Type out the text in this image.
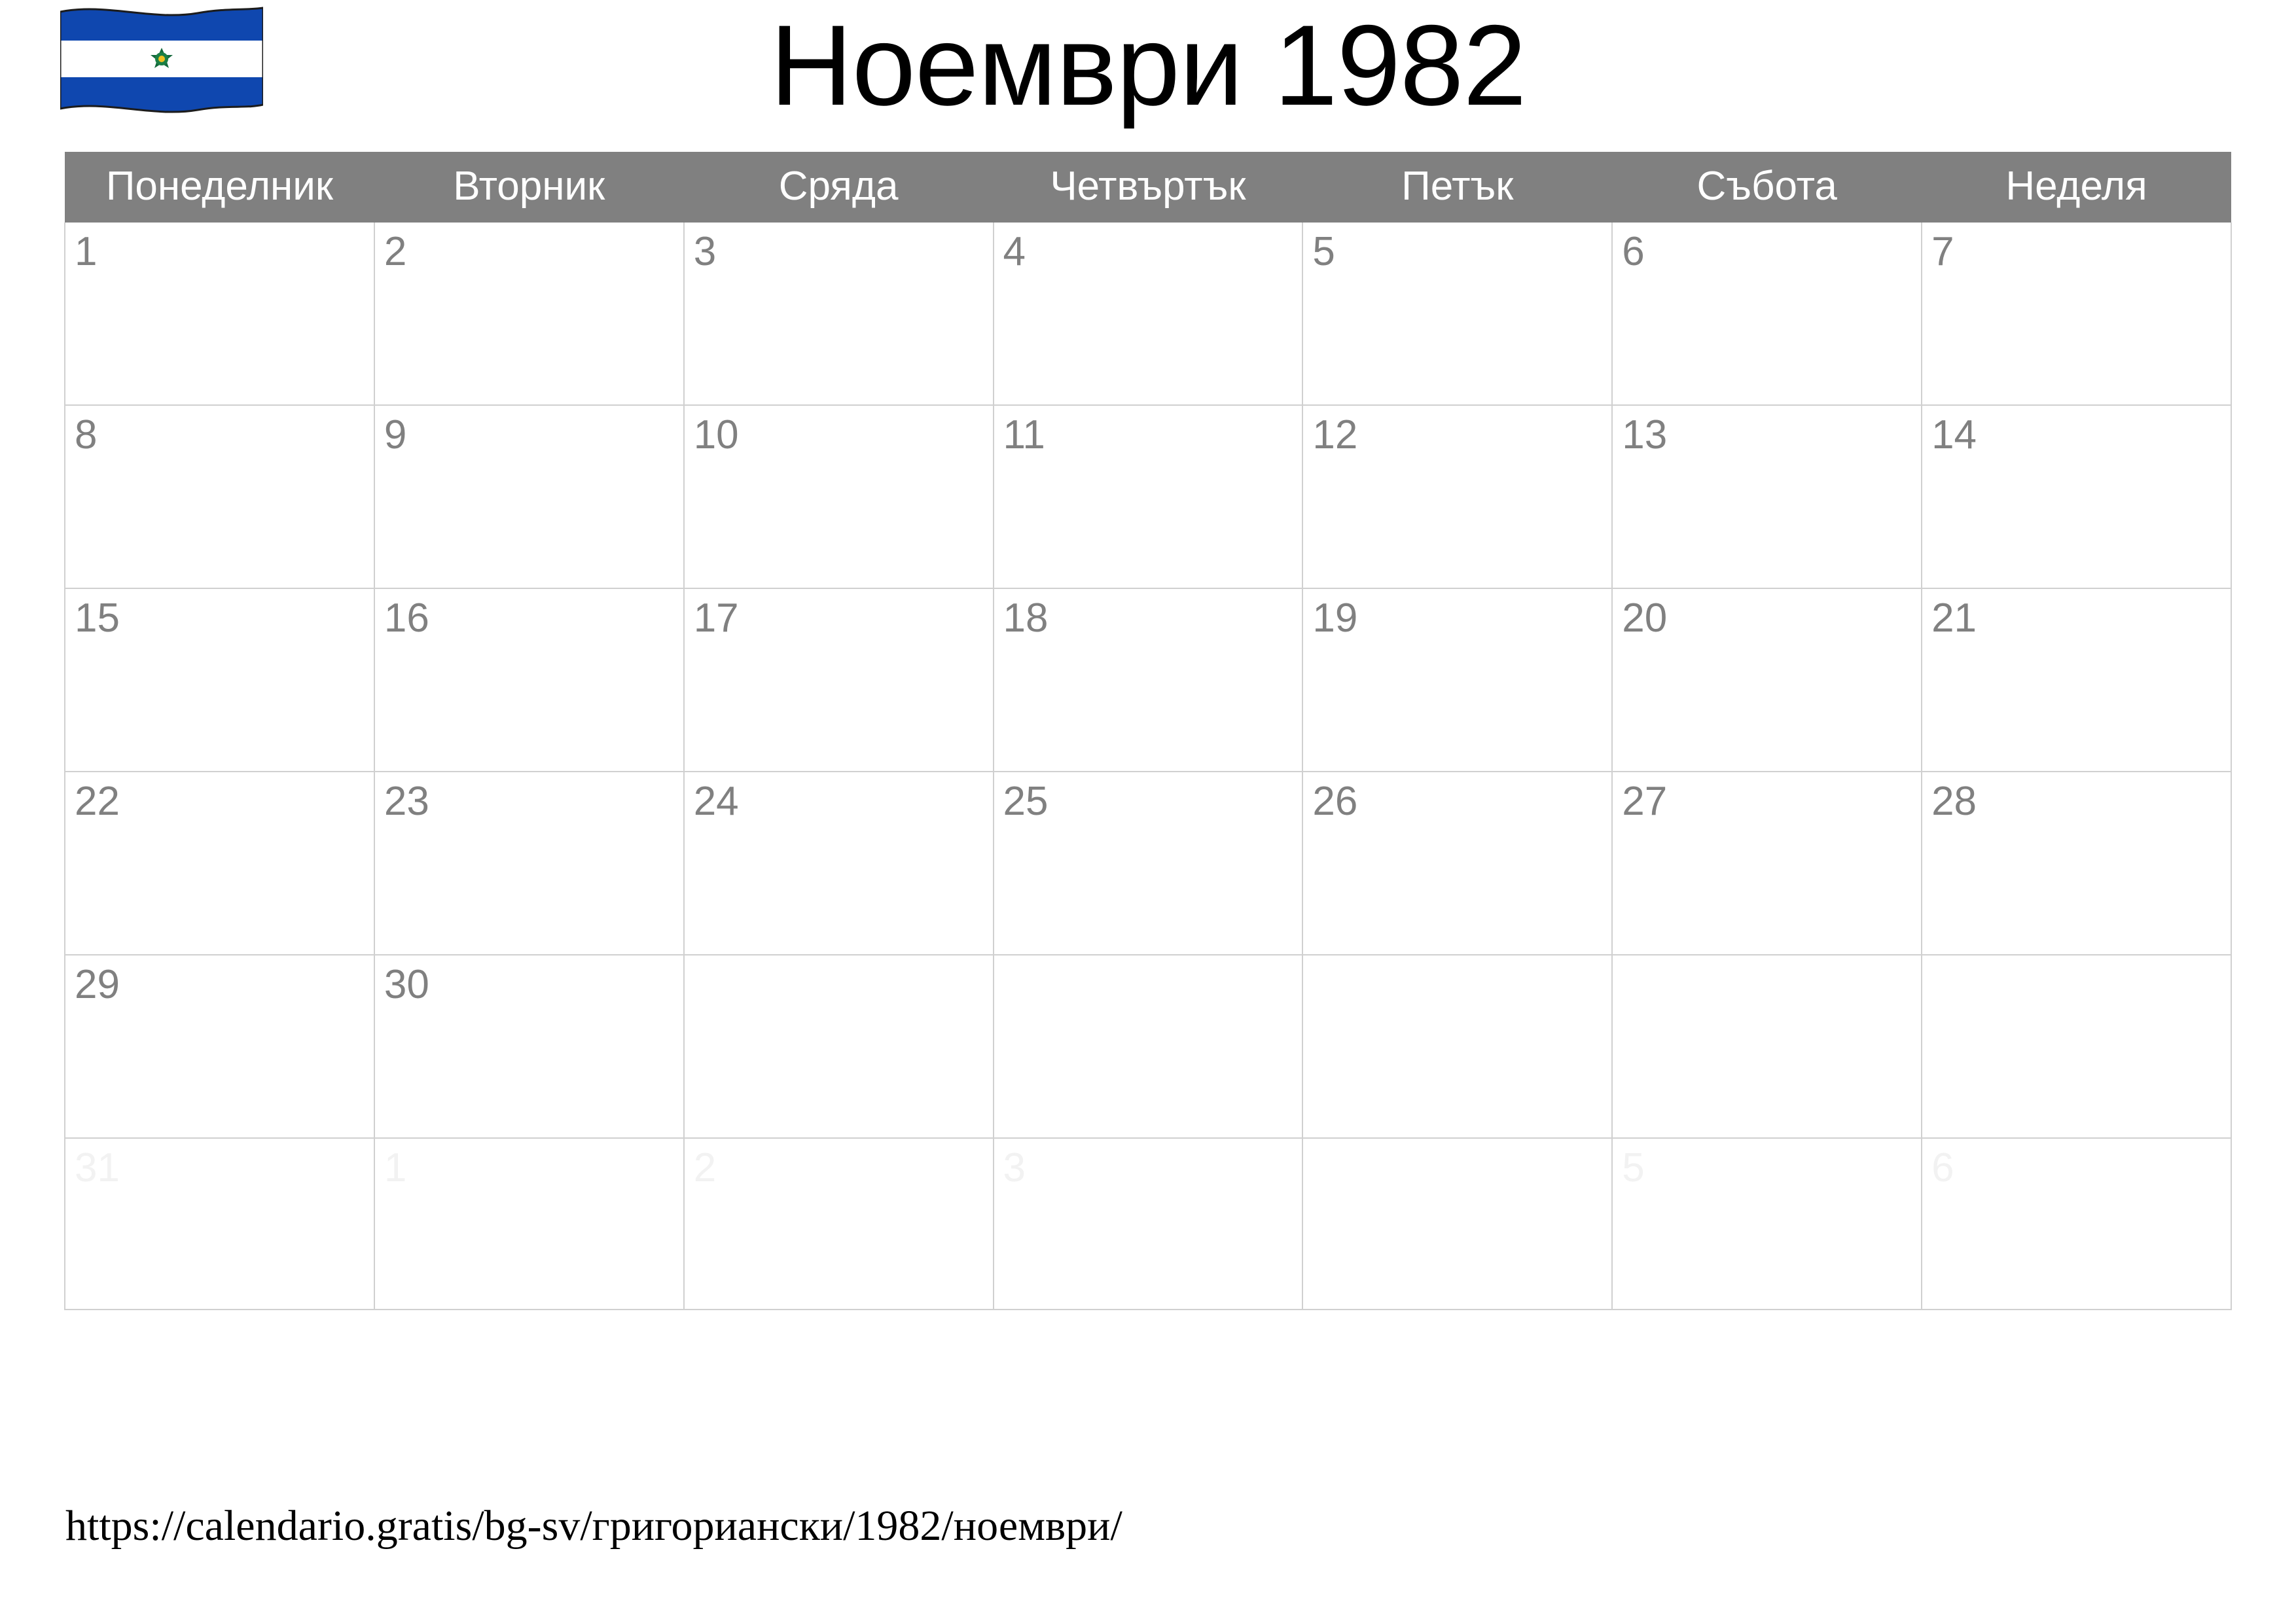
Ноември 1982
Понеделник	Вторник	Сряда	Четвъртък	Петък	Събота	Неделя

1	2	3	4	5	6	7

8	9	10	11	12	13	14

15	16	17	18	19	20	21

22	23	24	25	26	27	28

29	30					

31	1	2	3		5	6
https://calendario.gratis/bg-sv/григориански/1982/ноември/
